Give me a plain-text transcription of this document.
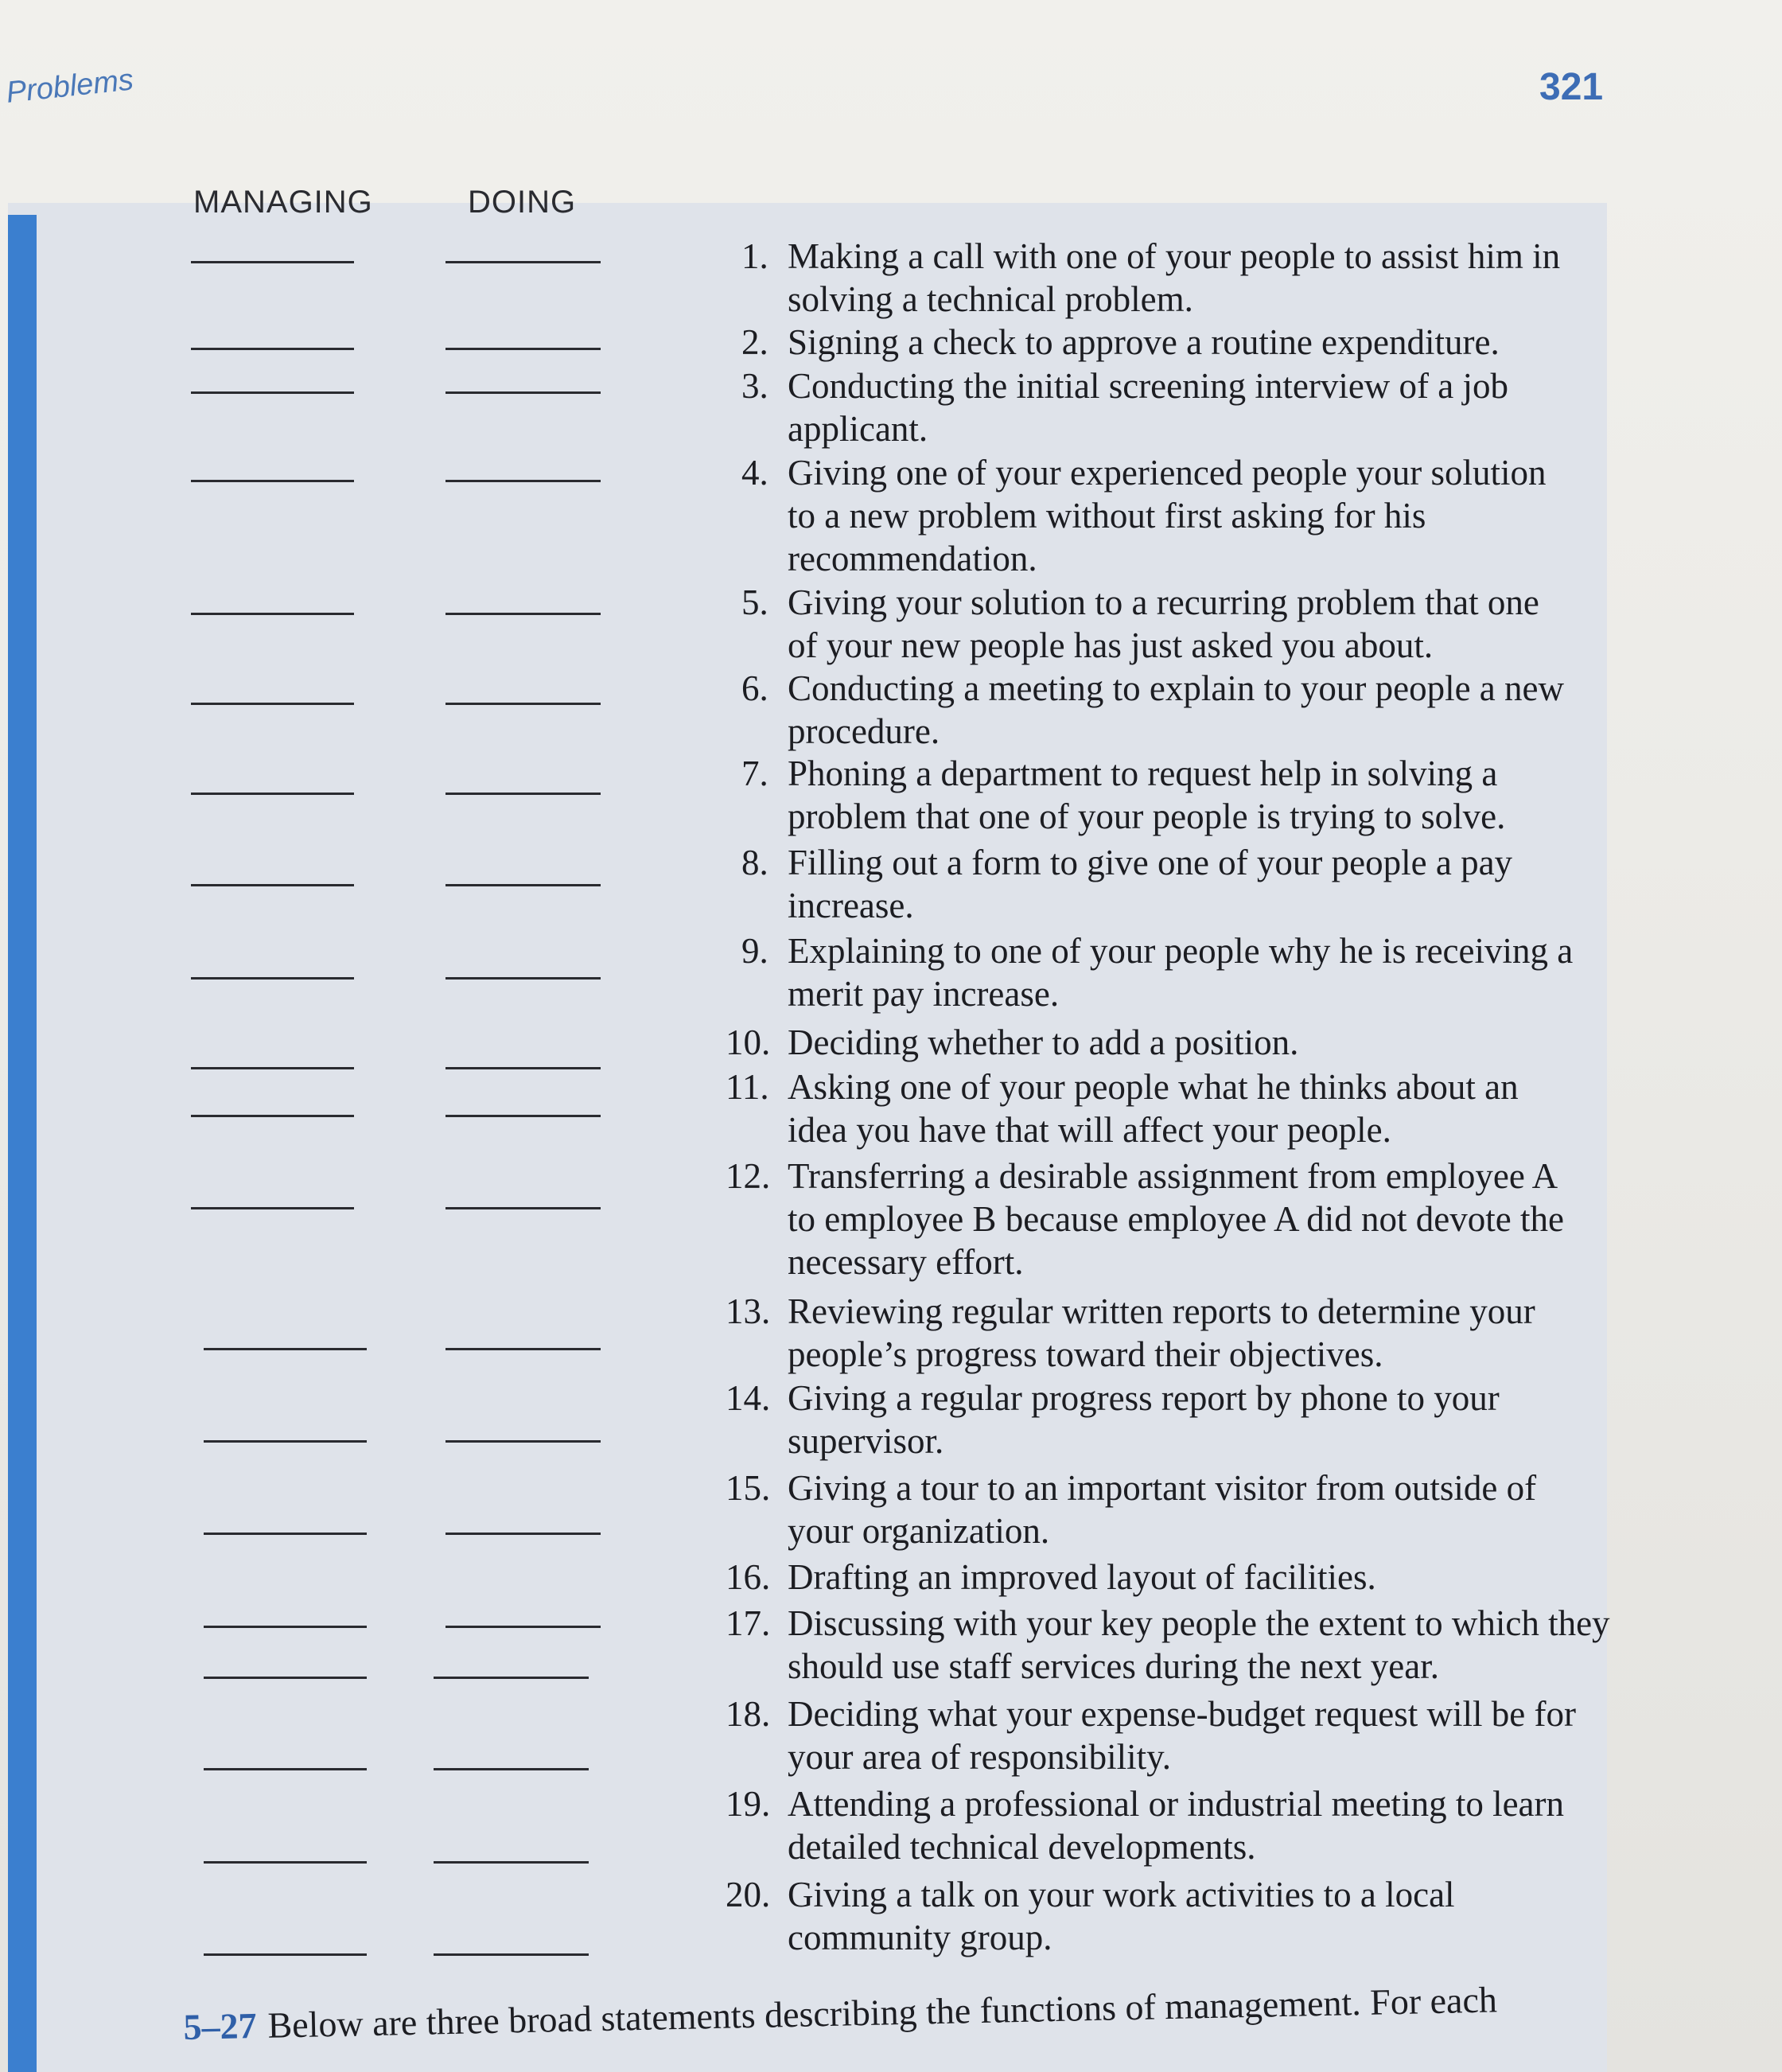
Problems	321
MANAGING	DOING
1. Making a call with one of your people to assist him in
solving a technical problem.
2. Signing a check to approve a routine expenditure.
3. Conducting the initial screening interview of a job
applicant.
4. Giving one of your experienced people your solution
to a new problem without first asking for his
recommendation.
5. Giving your solution to a recurring problem that one
of your new people has just asked you about.
6. Conducting a meeting to explain to your people a new
procedure.
7. Phoning a department to request help in solving a
problem that one of your people is trying to solve.
8. Filling out a form to give one of your people a pay
increase.
9. Explaining to one of your people why he is receiving a
merit pay increase.
10. Deciding whether to add a position.
11. Asking one of your people what he thinks about an
idea you have that will affect your people.
12. Transferring a desirable assignment from employee A
to employee B because employee A did not devote the
necessary effort.
13. Reviewing regular written reports to determine your
people’s progress toward their objectives.
14. Giving a regular progress report by phone to your
supervisor.
15. Giving a tour to an important visitor from outside of
your organization.
16. Drafting an improved layout of facilities.
17. Discussing with your key people the extent to which they
should use staff services during the next year.
18. Deciding what your expense-budget request will be for
your area of responsibility.
19. Attending a professional or industrial meeting to learn
detailed technical developments.
20. Giving a talk on your work activities to a local
community group.
5–27 Below are three broad statements describing the functions of management. For each
